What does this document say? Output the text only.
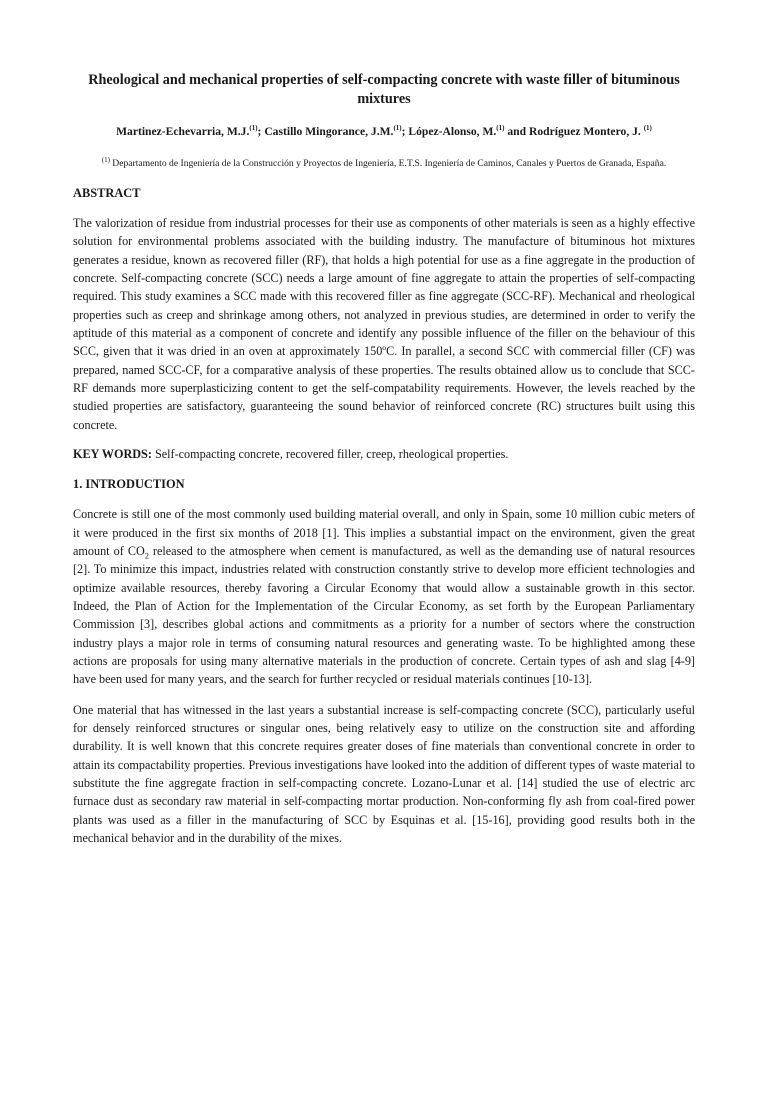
Rheological and mechanical properties of self-compacting concrete with waste filler of bituminous mixtures

Martinez-Echevarria, M.J.$^{(1)}$; Castillo Mingorance, J.M.$^{(1)}$; López-Alonso, M.$^{(1)}$ and Rodríguez Montero, J. $^{(1)}$

$^{(1)}$ Departamento de Ingeniería de la Construcción y Proyectos de Ingeniería, E.T.S. Ingeniería de Caminos, Canales y Puertos de Granada, España.

ABSTRACT

The valorization of residue from industrial processes for their use as components of other materials is seen as a highly effective solution for environmental problems associated with the building industry. The manufacture of bituminous hot mixtures generates a residue, known as recovered filler (RF), that holds a high potential for use as a fine aggregate in the production of concrete. Self-compacting concrete (SCC) needs a large amount of fine aggregate to attain the properties of self-compacting required. This study examines a SCC made with this recovered filler as fine aggregate (SCC-RF). Mechanical and rheological properties such as creep and shrinkage among others, not analyzed in previous studies, are determined in order to verify the aptitude of this material as a component of concrete and identify any possible influence of the filler on the behaviour of this SCC, given that it was dried in an oven at approximately 150ºC. In parallel, a second SCC with commercial filler (CF) was prepared, named SCC-CF, for a comparative analysis of these properties. The results obtained allow us to conclude that SCC-RF demands more superplasticizing content to get the self-compatability requirements. However, the levels reached by the studied properties are satisfactory, guaranteeing the sound behavior of reinforced concrete (RC) structures built using this concrete.

KEY WORDS: Self-compacting concrete, recovered filler, creep, rheological properties.

1. INTRODUCTION

Concrete is still one of the most commonly used building material overall, and only in Spain, some 10 million cubic meters of it were produced in the first six months of 2018 [1]. This implies a substantial impact on the environment, given the great amount of $CO_2$ released to the atmosphere when cement is manufactured, as well as the demanding use of natural resources [2]. To minimize this impact, industries related with construction constantly strive to develop more efficient technologies and optimize available resources, thereby favoring a Circular Economy that would allow a sustainable growth in this sector. Indeed, the Plan of Action for the Implementation of the Circular Economy, as set forth by the European Parliamentary Commission [3], describes global actions and commitments as a priority for a number of sectors where the construction industry plays a major role in terms of consuming natural resources and generating waste. To be highlighted among these actions are proposals for using many alternative materials in the production of concrete. Certain types of ash and slag [4-9] have been used for many years, and the search for further recycled or residual materials continues [10-13].

One material that has witnessed in the last years a substantial increase is self-compacting concrete (SCC), particularly useful for densely reinforced structures or singular ones, being relatively easy to utilize on the construction site and affording durability. It is well known that this concrete requires greater doses of fine materials than conventional concrete in order to attain its compactability properties. Previous investigations have looked into the addition of different types of waste material to substitute the fine aggregate fraction in self-compacting concrete. Lozano-Lunar et al. [14] studied the use of electric arc furnace dust as secondary raw material in self-compacting mortar production. Non-conforming fly ash from coal-fired power plants was used as a filler in the manufacturing of SCC by Esquinas et al. [15-16], providing good results both in the mechanical behavior and in the durability of the mixes.
